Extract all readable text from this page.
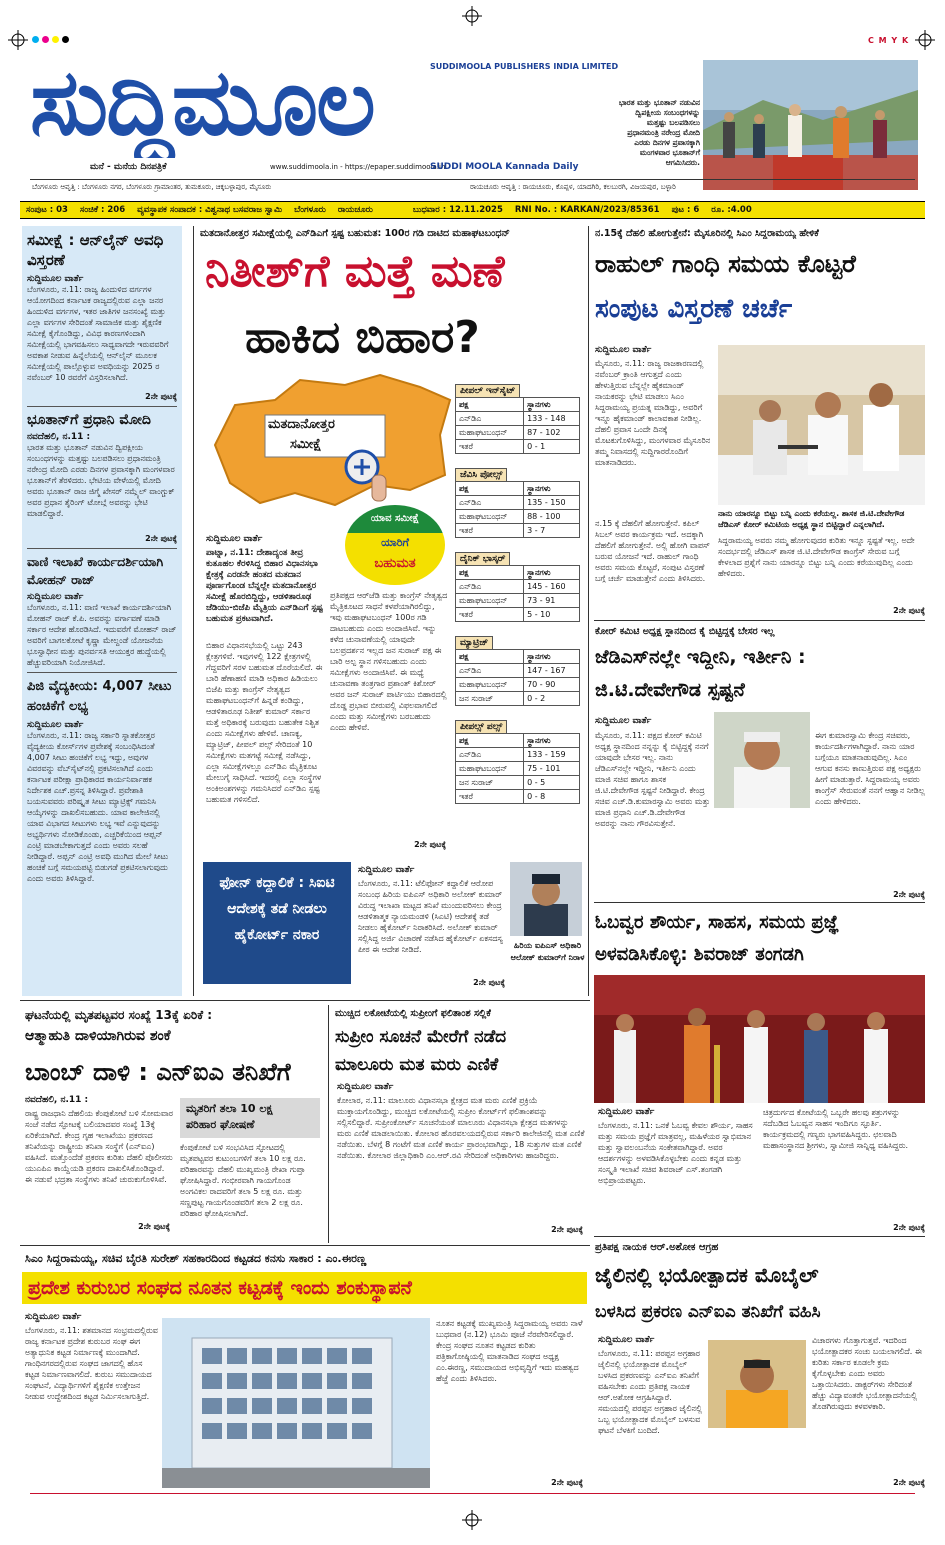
C M Y K
ಸುದ್ದಿಮೂಲ	SUDDIMOOLA PUBLISHERS INDIA LIMITED
ಮನೆ - ಮನೆಯ ದಿನಪತ್ರಿಕೆ	www.suddimoola.in - https://epaper.suddimoola.in
SUDDI MOOLA Kannada Daily
ಭಾರತ ಮತ್ತು ಭೂತಾನ್ ನಡುವಿನ ದ್ವಿಪಕ್ಷೀಯ ಸಂಬಂಧಗಳನ್ನು ಮತ್ತಷ್ಟು ಬಲಪಡಿಸಲು ಪ್ರಧಾನಮಂತ್ರಿ ನರೇಂದ್ರ ಮೋದಿ ಎರಡು ದಿನಗಳ ಪ್ರವಾಸಕ್ಕಾಗಿ ಮಂಗಳವಾರ ಭೂತಾನ್‌ಗೆ ಆಗಮಿಸಿದರು.
ಬೆಂಗಳೂರು ಆವೃತ್ತಿ : ಬೆಂಗಳೂರು ನಗರ, ಬೆಂಗಳೂರು ಗ್ರಾಮಾಂತರ, ತುಮಕೂರು, ಚಿಕ್ಕಬಳ್ಳಾಪುರ, ಮೈಸೂರು	ರಾಯಚೂರು ಆವೃತ್ತಿ : ರಾಯಚೂರು, ಕೊಪ್ಪಳ, ಯಾದಗಿರಿ, ಕಲಬುರಗಿ, ವಿಜಯಪುರ, ಬಳ್ಳಾರಿ
ಸಂಪುಟ : 03 ಸಂಚಿಕೆ : 206 ವ್ಯವಸ್ಥಾಪಕ ಸಂಪಾದಕ : ವಿಶ್ವನಾಥ ಬಸವರಾಜ ಸ್ವಾಮಿ ಬೆಂಗಳೂರು ರಾಯಚೂರು	ಬುಧವಾರ : 12.11.2025 RNI No. : KARKAN/2023/85361 ಪುಟ : 6 ರೂ. :4.00
ಸಮೀಕ್ಷೆ : ಆನ್‌ಲೈನ್ ಅವಧಿ ವಿಸ್ತರಣೆ
ಸುದ್ದಿಮೂಲ ವಾರ್ತೆ
ಬೆಂಗಳೂರು, ನ.11: ರಾಜ್ಯ ಹಿಂದುಳಿದ ವರ್ಗಗಳ ಆಯೋಗದಿಂದ ಕರ್ನಾಟಕ ರಾಜ್ಯದಲ್ಲಿರುವ ಎಲ್ಲಾ ಜನರ ಹಿಂದುಳಿದ ವರ್ಗಗಳ, ಇತರ ಜಾತಿಗಳ ಜನಸಂಖ್ಯೆ ಮತ್ತು ಎಲ್ಲಾ ವರ್ಗಗಳ ಸೇರಿದಂತೆ ಸಾಮಾಜಿಕ ಮತ್ತು ಶೈಕ್ಷಣಿಕ ಸಮೀಕ್ಷೆ ಕೈಗೊಂಡಿದ್ದು, ವಿವಿಧ ಕಾರಣಗಳಿಂದಾಗಿ ಸಮೀಕ್ಷೆಯಲ್ಲಿ ಭಾಗವಹಿಸಲು ಸಾಧ್ಯವಾಗದೇ ಇರುವವರಿಗೆ ಅವಕಾಶ ನೀಡುವ ಹಿನ್ನೆಲೆಯಲ್ಲಿ ಆನ್‌ಲೈನ್ ಮೂಲಕ ಸಮೀಕ್ಷೆಯಲ್ಲಿ ಪಾಲ್ಗೊಳ್ಳುವ ಅವಧಿಯನ್ನು 2025 ರ ನವೆಂಬರ್ 10 ರವರೆಗೆ ವಿಸ್ತರಿಸಲಾಗಿದೆ.
2ನೇ ಪುಟಕ್ಕೆ
ಭೂತಾನ್‌ಗೆ ಪ್ರಧಾನಿ ಮೋದಿ
ನವದೆಹಲಿ, ನ.11 :
ಭಾರತ ಮತ್ತು ಭೂತಾನ್ ನಡುವಿನ ದ್ವಿಪಕ್ಷೀಯ ಸಂಬಂಧಗಳನ್ನು ಮತ್ತಷ್ಟು ಬಲಪಡಿಸಲು ಪ್ರಧಾನಮಂತ್ರಿ ನರೇಂದ್ರ ಮೋದಿ ಎರಡು ದಿನಗಳ ಪ್ರವಾಸಕ್ಕಾಗಿ ಮಂಗಳವಾರ ಭೂತಾನ್‌ಗೆ ತೆರಳಿದರು. ಭೇಟಿಯ ವೇಳೆಯಲ್ಲಿ ಮೋದಿ ಅವರು ಭೂತಾನ್ ರಾಜ ಜಿಗ್ಮೆ ಖೇಸರ್ ನಮ್ಗ್ಯೆಲ್ ವಾಂಗ್ಚುಕ್ ಅವರ ಪ್ರಧಾನ ತ್ಶೆರಿಂಗ್ ಟೋಬ್ಗೆ ಅವರನ್ನು ಭೇಟಿ ಮಾಡಲಿದ್ದಾರೆ.
2ನೇ ಪುಟಕ್ಕೆ
ವಾಣಿ ಇಲಾಖೆ ಕಾರ್ಯದರ್ಶಿಯಾಗಿ ಮೋಹನ್ ರಾಜ್
ಸುದ್ದಿಮೂಲ ವಾರ್ತೆ
ಬೆಂಗಳೂರು, ನ.11: ವಾಣಿ ಇಲಾಖೆ ಕಾರ್ಯದರ್ಶಿಯಾಗಿ ಮೋಹನ್ ರಾಜ್ ಕೆ.ಪಿ. ಅವರನ್ನು ವರ್ಗಾವಣೆ ಮಾಡಿ ಸರ್ಕಾರ ಆದೇಶ ಹೊರಡಿಸಿದೆ. ಇದುವರೆಗೆ ಮೋಹನ್ ರಾಜ್ ಅವರಿಗೆ ಬಾಗಲಕೋಟೆ ಕೃಷ್ಣಾ ಮೇಲ್ದಂಡೆ ಯೋಜನೆಯ ಭೂಸ್ವಾಧೀನ ಮತ್ತು ಪುನರ್ವಸತಿ ಆಯುಕ್ತರ ಹುದ್ದೆಯಲ್ಲಿ ಹೆಚ್ಚುವರಿಯಾಗಿ ನಿಯೋಜಿಸಿದೆ.
ಪಿಜಿ ವೈದ್ಯಕೀಯ: 4,007 ಸೀಟು ಹಂಚಿಕೆಗೆ ಲಭ್ಯ
ಸುದ್ದಿಮೂಲ ವಾರ್ತೆ
ಬೆಂಗಳೂರು, ನ.11: ರಾಜ್ಯ ಸರ್ಕಾರಿ ಸ್ನಾತಕೋತ್ತರ ವೈದ್ಯಕೀಯ ಕೋರ್ಸ್‌ಗಳ ಪ್ರವೇಶಕ್ಕೆ ಸಂಬಂಧಿಸಿದಂತೆ 4,007 ಸೀಟು ಹಂಚಿಕೆಗೆ ಲಭ್ಯ ಇದ್ದು, ಅವುಗಳ ವಿವರವನ್ನು ವೆಬ್‌ಸೈಟ್‌ನಲ್ಲಿ ಪ್ರಕಟಿಸಲಾಗಿದೆ ಎಂದು ಕರ್ನಾಟಕ ಪರೀಕ್ಷಾ ಪ್ರಾಧಿಕಾರದ ಕಾರ್ಯನಿರ್ವಾಹಕ ನಿರ್ದೇಶಕ ಎಚ್.ಪ್ರಸನ್ನ ತಿಳಿಸಿದ್ದಾರೆ. ಪ್ರವೇಶಾತಿ ಬಯಸುವವರು ಪರಿಷ್ಕೃತ ಸೀಟು ಮ್ಯಾಟ್ರಿಕ್ಸ್ ಗಮನಿಸಿ ಆಯ್ಕೆಗಳನ್ನು ದಾಖಲಿಸಬಹುದು. ಯಾವ ಕಾಲೇಜಿನಲ್ಲಿ ಯಾವ ವಿಭಾಗದ ಸೀಟುಗಳು ಲಭ್ಯ ಇವೆ ಎನ್ನುವುದನ್ನು ಅಭ್ಯರ್ಥಿಗಳು ನೋಡಿಕೊಂಡು, ಎಚ್ಚರಿಕೆಯಿಂದ ಆಪ್ಷನ್ ಎಂಟ್ರಿ ಮಾಡಬೇಕಾಗುತ್ತದೆ ಎಂದು ಅವರು ಸಲಹೆ ನೀಡಿದ್ದಾರೆ. ಅಪ್ಷನ್ ಎಂಟ್ರಿ ಅವಧಿ ಮುಗಿದ ಮೇಲೆ ಸೀಟು ಹಂಚಿಕೆ ಬಗ್ಗೆ ಸಮಯಪಟ್ಟಿ ಬಿಡುಗಡೆ ಪ್ರಕಟಿಸಲಾಗುವುದು ಎಂದು ಅವರು ತಿಳಿಸಿದ್ದಾರೆ.
ಮತದಾನೋತ್ತರ ಸಮೀಕ್ಷೆಯಲ್ಲಿ ಎನ್‌ಡಿಎಗೆ ಸ್ಪಷ್ಟ ಬಹುಮತ: 100ರ ಗಡಿ ದಾಟಿದ ಮಹಾಘಟಬಂಧನ್
ನಿತೀಶ್‌ಗೆ ಮತ್ತೆ ಮಣೆ
ಹಾಕಿದ ಬಿಹಾರ?
ಮತದಾನೋತ್ತರ
ಸಮೀಕ್ಷೆ
ಯಾವ ಸಮೀಕ್ಷೆ
ಯಾರಿಗೆ
ಬಹುಮತ
ಸುದ್ದಿಮೂಲ ವಾರ್ತೆ
ಪಾಟ್ನಾ, ನ.11: ದೇಶಾದ್ಯಂತ ತೀವ್ರ ಕುತೂಹಲ ಕೆರಳಿಸಿದ್ದ ಬಿಹಾರ ವಿಧಾನಸಭಾ ಕ್ಷೇತ್ರಕ್ಕೆ ಎರಡನೇ ಹಂತದ ಮತದಾನ ಪೂರ್ಣಗೊಂಡ ಬೆನ್ನಲ್ಲೇ ಮತದಾನೋತ್ತರ ಸಮೀಕ್ಷೆ ಹೊರಬಿದ್ದಿದ್ದು, ಆಡಳಿತಾರೂಢ ಜೆಡಿಯು-ಬಿಜೆಪಿ ಮೈತ್ರಿಯ ಎನ್‌ಡಿಎಗೆ ಸ್ಪಷ್ಟ ಬಹುಮತ ಪ್ರಕಟವಾಗಿದೆ.
ಬಿಹಾರ ವಿಧಾನಸಭೆಯಲ್ಲಿ ಒಟ್ಟು 243 ಕ್ಷೇತ್ರಗಳಿವೆ. ಇವುಗಳಲ್ಲಿ 122 ಕ್ಷೇತ್ರಗಳಲ್ಲಿ ಗೆದ್ದವರಿಗೆ ಸರಳ ಬಹುಮತ ದೊರೆಯಲಿದೆ. ಈ ಬಾರಿ ಹೆಣಾಹಣಿ ಮಾಡಿ ಅಧಿಕಾರ ಹಿಡಿಯಲು ಬಿಜೆಪಿ ಮತ್ತು ಕಾಂಗ್ರೆಸ್ ನೇತೃತ್ವದ ಮಹಾಘಟಬಂಧನ್‌ಗೆ ಹಿನ್ನಡೆ ಕಂಡಿದ್ದು, ಆಡಳಿತಾರೂಢ ನಿತೀಶ್ ಕುಮಾರ್ ಸರ್ಕಾರ ಮತ್ತೆ ಅಧಿಕಾರಕ್ಕೆ ಬರುವುದು ಬಹುತೇಕ ನಿಶ್ಚಿತ ಎಂದು ಸಮೀಕ್ಷೆಗಳು ಹೇಳಿವೆ. ಚಾಣಕ್ಯ, ಮ್ಯಾಟ್ರಿಜ್, ಪೀಪಲ್ ಪಲ್ಸ್ ಸೇರಿದಂತೆ 10 ಸಮೀಕ್ಷೆಗಳು ಮತಗಟ್ಟೆ ಸಮೀಕ್ಷೆ ನಡೆಸಿದ್ದು, ಎಲ್ಲಾ ಸಮೀಕ್ಷೆಗಳಲ್ಲೂ ಎನ್‌ಡಿಎ ಮೈತ್ರಿಕೂಟ ಮೇಲುಗೈ ಸಾಧಿಸಿದೆ. ಇದರಲ್ಲಿ ಎಲ್ಲಾ ಸಂಸ್ಥೆಗಳ ಅಂಕಿಅಂಶಗಳನ್ನು ಗಮನಿಸಿದರೆ ಎನ್‌ಡಿಎ ಸ್ಪಷ್ಟ ಬಹುಮತ ಗಳಿಸಲಿದೆ.
ಪ್ರತಿಪಕ್ಷದ ಆರ್‌ಜೆಡಿ ಮತ್ತು ಕಾಂಗ್ರೆಸ್ ನೇತೃತ್ವದ ಮೈತ್ರಿಕೂಟದ ಸಾಧನೆ ಕಳಪೆಯಾಗಿರಲಿದ್ದು, ಇವು ಮಹಾಘಟಬಂಧನ್ 100ರ ಗಡಿ ದಾಟಬಹುದು ಎಂದು ಅಂದಾಜಿಸಿವೆ. ಇನ್ನು ಕಳೆದ ಚುನಾವಣೆಯಲ್ಲಿ ಯಾವುದೇ ಬಲಪ್ರದರ್ಶನ ಇಲ್ಲದ ಜನ ಸುರಾಜ್ ಪಕ್ಷ ಈ ಬಾರಿ ಅಲ್ಪ ಸ್ಥಾನ ಗಳಿಸಬಹುದು ಎಂದು ಸಮೀಕ್ಷೆಗಳು ಅಂದಾಜಿಸಿವೆ. ಈ ಮಧ್ಯೆ ಚುನಾವಣಾ ತಂತ್ರಗಾರ ಪ್ರಶಾಂತ್ ಕಿಶೋರ್ ಅವರ ಜನ್ ಸುರಾಜ್ ಪಾರ್ಟಿಯು ಬಿಹಾರದಲ್ಲಿ ದೊಡ್ಡ ಪ್ರಭಾವ ಬೀರುವಲ್ಲಿ ವಿಫಲವಾಗಲಿದೆ ಎಂದು ಮತ್ತು ಸಮೀಕ್ಷೆಗಳು ಬರಬಹುದು ಎಂದು ಹೇಳಿವೆ.
2ನೇ ಪುಟಕ್ಕೆ
ಪೀಪಲ್ ಇನ್‌ಸೈಟ್
ಪಕ್ಷ	ಸ್ಥಾನಗಳು
ಎನ್‌ಡಿಎ	133 - 148
ಮಹಾಘಟಬಂಧನ್	87 - 102
ಇತರೆ	0 - 1
ಜೆವಿಸಿ ಪೋಲ್ಸ್
ಪಕ್ಷ	ಸ್ಥಾನಗಳು
ಎನ್‌ಡಿಎ	135 - 150
ಮಹಾಘಟಬಂಧನ್	88 - 100
ಇತರೆ	3 - 7
ದೈನಿಕ್ ಭಾಸ್ಕರ್
ಪಕ್ಷ	ಸ್ಥಾನಗಳು
ಎನ್‌ಡಿಎ	145 - 160
ಮಹಾಘಟಬಂಧನ್	73 - 91
ಇತರೆ	5 - 10
ಮ್ಯಾಟ್ರಿಜ್
ಪಕ್ಷ	ಸ್ಥಾನಗಳು
ಎನ್‌ಡಿಎ	147 - 167
ಮಹಾಘಟಬಂಧನ್	70 - 90
ಜನ ಸುರಾಜ್	0 - 2
ಪೀಪಲ್ಸ್ ಪಲ್ಸ್
ಪಕ್ಷ	ಸ್ಥಾನಗಳು
ಎನ್‌ಡಿಎ	133 - 159
ಮಹಾಘಟಬಂಧನ್	75 - 101
ಜನ ಸುರಾಜ್	0 - 5
ಇತರೆ	0 - 8
ಫೋನ್ ಕದ್ದಾಲಿಕೆ : ಸಿಐಟಿ ಆದೇಶಕ್ಕೆ ತಡೆ ನೀಡಲು ಹೈಕೋರ್ಟ್ ನಕಾರ
ಸುದ್ದಿಮೂಲ ವಾರ್ತೆ
ಬೆಂಗಳೂರು, ನ.11: ಟೆಲಿಫೋನ್ ಕದ್ದಾಲಿಕೆ ಆರೋಪ ಸಂಬಂಧ ಹಿರಿಯ ಐಪಿಎಸ್ ಅಧಿಕಾರಿ ಅಲೋಕ್ ಕುಮಾರ್ ವಿರುದ್ಧ ಇಲಾಖಾ ಮಟ್ಟದ ತನಿಖೆ ಮುಂದುವರಿಸಲು ಕೇಂದ್ರ ಆಡಳಿತಾತ್ಮಕ ನ್ಯಾಯಮಂಡಳಿ (ಸಿಎಟಿ) ಆದೇಶಕ್ಕೆ ತಡೆ ನೀಡಲು ಹೈಕೋರ್ಟ್ ನಿರಾಕರಿಸಿದೆ. ಅಲೋಕ್ ಕುಮಾರ್ ಸಲ್ಲಿಸಿದ್ದ ಅರ್ಜಿ ವಿಚಾರಣೆ ನಡೆಸಿದ ಹೈಕೋರ್ಟ್ ಏಕಸದಸ್ಯ ಪೀಠ ಈ ಆದೇಶ ನೀಡಿದೆ.
2ನೇ ಪುಟಕ್ಕೆ
ಹಿರಿಯ ಐಪಿಎಸ್ ಅಧಿಕಾರಿ ಆಲೋಕ್ ಕುಮಾರ್‌ಗೆ ನಿರಾಳ
ನ.15ಕ್ಕೆ ದೆಹಲಿ ಹೋಗುತ್ತೇನೆ: ಮೈಸೂರಿನಲ್ಲಿ ಸಿಎಂ ಸಿದ್ದರಾಮಯ್ಯ ಹೇಳಿಕೆ
ರಾಹುಲ್ ಗಾಂಧಿ ಸಮಯ ಕೊಟ್ಟರೆ
ಸಂಪುಟ ವಿಸ್ತರಣೆ ಚರ್ಚೆ
ಸುದ್ದಿಮೂಲ ವಾರ್ತೆ
ಮೈಸೂರು, ನ.11: ರಾಜ್ಯ ರಾಜಕಾರಣದಲ್ಲಿ ನವೆಂಬರ್ ಕ್ರಾಂತಿ ಆಗುತ್ತದೆ ಎಂದು ಹೇಳುತ್ತಿರುವ ಬೆನ್ನಲ್ಲೇ ಹೈಕಮಾಂಡ್ ನಾಯಕರನ್ನು ಭೇಟಿ ಮಾಡಲು ಸಿಎಂ ಸಿದ್ದರಾಮಯ್ಯ ಪ್ರಯತ್ನ ಮಾಡಿದ್ದು, ಅವರಿಗೆ ಇನ್ನೂ ಹೈಕಮಾಂಡ್ ಕಾಲಾವಕಾಶ ನೀಡಿಲ್ಲ. ದೆಹಲಿ ಪ್ರವಾಸ ಒಂದೇ ದಿನಕ್ಕೆ ಮೊಟಕುಗೊಳಿಸಿದ್ದು, ಮಂಗಳವಾರ ಮೈಸೂರಿನ ತಮ್ಮ ನಿವಾಸದಲ್ಲಿ ಸುದ್ದಿಗಾರರೊಂದಿಗೆ ಮಾತನಾಡಿದರು.
ನಾನು ಯಾರನ್ನೂ ಬಿಟ್ಟು ಬನ್ನಿ ಎಂದು ಕರೆಯಲ್ಲ. ಶಾಸಕ ಜಿ.ಟಿ.ದೇವೇಗೌಡ ಜೆಡಿಎಸ್ ಕೋರ್ ಕಮಿಟಿಯ ಅಧ್ಯಕ್ಷ ಸ್ಥಾನ ಬಿಟ್ಟಿದ್ದಾರೆ ಎನ್ನಲಾಗಿದೆ.
ನ.15 ಕ್ಕೆ ದೆಹಲಿಗೆ ಹೋಗುತ್ತೇನೆ. ಕಪಿಲ್ ಸಿಬಲ್ ಅವರ ಕಾರ್ಯಕ್ರಮ ಇದೆ. ಅದಕ್ಕಾಗಿ ದೆಹಲಿಗೆ ಹೋಗುತ್ತೇನೆ. ಅಲ್ಲಿ ಹೋಗಿ ವಾಪಸ್ ಬರುವ ಯೋಜನೆ ಇದೆ. ರಾಹುಲ್ ಗಾಂಧಿ ಅವರು ಸಮಯ ಕೊಟ್ಟರೆ, ಸಂಪುಟ ವಿಸ್ತರಣೆ ಬಗ್ಗೆ ಚರ್ಚೆ ಮಾಡುತ್ತೇನೆ ಎಂದು ತಿಳಿಸಿದರು.
ಸಿದ್ದರಾಮಯ್ಯ ಅವರು ನಮ್ಮ ಹೋಗುವುದರ ಕುರಿತು ಇನ್ನೂ ಸ್ಪಷ್ಟತೆ ಇಲ್ಲ. ಅದೇ ಸಂದರ್ಭದಲ್ಲಿ ಜೆಡಿಎಸ್ ಶಾಸಕ ಜಿ.ಟಿ.ದೇವೇಗೌಡ ಕಾಂಗ್ರೆಸ್ ಸೇರುವ ಬಗ್ಗೆ ಕೇಳಲಾದ ಪ್ರಶ್ನೆಗೆ ನಾನು ಯಾರನ್ನೂ ಬಿಟ್ಟು ಬನ್ನಿ ಎಂದು ಕರೆಯುವುದಿಲ್ಲ ಎಂದು ಹೇಳಿದರು.
2ನೇ ಪುಟಕ್ಕೆ
ಕೋರ್ ಕಮಿಟಿ ಅಧ್ಯಕ್ಷ ಸ್ಥಾನದಿಂದ ಕೈ ಬಿಟ್ಟಿದ್ದಕ್ಕೆ ಬೇಸರ ಇಲ್ಲ
ಜೆಡಿಎಸ್‌ನಲ್ಲೇ ಇದ್ದೀನಿ, ಇರ್ತೀನಿ :
ಜಿ.ಟಿ.ದೇವೇಗೌಡ ಸ್ಪಷ್ಟನೆ
ಸುದ್ದಿಮೂಲ ವಾರ್ತೆ
ಮೈಸೂರು, ನ.11: ಪಕ್ಷದ ಕೋರ್ ಕಮಿಟಿ ಅಧ್ಯಕ್ಷ ಸ್ಥಾನದಿಂದ ನನ್ನನ್ನು ಕೈ ಬಿಟ್ಟಿದ್ದಕ್ಕೆ ನನಗೆ ಯಾವುದೇ ಬೇಸರ ಇಲ್ಲ. ನಾನು ಜೆಡಿಎಸ್‌ನಲ್ಲೇ ಇದ್ದೀನಿ, ಇರ್ತೀನಿ ಎಂದು ಮಾಜಿ ಸಚಿವ ಹಾಗೂ ಶಾಸಕ ಜಿ.ಟಿ.ದೇವೇಗೌಡ ಸ್ಪಷ್ಟನೆ ನೀಡಿದ್ದಾರೆ. ಕೇಂದ್ರ ಸಚಿವ ಎಚ್.ಡಿ.ಕುಮಾರಸ್ವಾಮಿ ಅವರು ಮತ್ತು ಮಾಜಿ ಪ್ರಧಾನಿ ಎಚ್.ಡಿ.ದೇವೇಗೌಡ ಅವರನ್ನು ನಾನು ಗೌರವಿಸುತ್ತೇನೆ.
ಈಗ ಕುಮಾರಸ್ವಾಮಿ ಕೇಂದ್ರ ಸಚಿವರು, ಕಾರ್ಯದರ್ಶಿಗಳಾಗಿದ್ದಾರೆ. ನಾನು ಯಾರ ಬಗ್ಗೆಯೂ ಮಾತನಾಡುವುದಿಲ್ಲ. ಸಿಎಂ ಆಗುವ ಕನಸು ಕಾಣುತ್ತಿರುವ ಪಕ್ಷ ಅಧ್ಯಕ್ಷರು ಹೀಗೆ ಮಾಡುತ್ತಾರೆ. ಸಿದ್ದರಾಮಯ್ಯ ಅವರು ಕಾಂಗ್ರೆಸ್ ಸೇರುವಂತೆ ನನಗೆ ಆಹ್ವಾನ ನೀಡಿಲ್ಲ ಎಂದು ಹೇಳಿದರು.
2ನೇ ಪುಟಕ್ಕೆ
ಓಬವ್ವರ ಶೌರ್ಯ, ಸಾಹಸ, ಸಮಯ ಪ್ರಜ್ಞೆ
ಅಳವಡಿಸಿಕೊಳ್ಳಿ: ಶಿವರಾಜ್ ತಂಗಡಗಿ
ಸುದ್ದಿಮೂಲ ವಾರ್ತೆ
ಬೆಂಗಳೂರು, ನ.11: ಒನಕೆ ಓಬವ್ವ ಕೇವಲ ಶೌರ್ಯ, ಸಾಹಸ ಮತ್ತು ಸಮಯ ಪ್ರಜ್ಞೆಗೆ ಮಾತ್ರವಲ್ಲ, ಮಹಿಳೆಯರ ಸ್ವಾಭಿಮಾನ ಮತ್ತು ಸ್ವಾವಲಂಬನೆಯ ಸಂಕೇತವಾಗಿದ್ದಾರೆ. ಅವರ ಆದರ್ಶಗಳನ್ನು ಅಳವಡಿಸಿಕೊಳ್ಳಬೇಕು ಎಂದು ಕನ್ನಡ ಮತ್ತು ಸಂಸ್ಕೃತಿ ಇಲಾಖೆ ಸಚಿವ ಶಿವರಾಜ್ ಎಸ್.ತಂಗಡಗಿ ಅಭಿಪ್ರಾಯಪಟ್ಟರು.
ಚಿತ್ರದುರ್ಗದ ಕೋಟೆಯಲ್ಲಿ ಒಬ್ಬರೇ ಹಲವು ಶತ್ರುಗಳನ್ನು ಸದೆಬಡಿದ ಓಬವ್ವನ ಸಾಹಸ ಇಂದಿಗೂ ಸ್ಫೂರ್ತಿ. ಕಾರ್ಯಕ್ರಮದಲ್ಲಿ ಗಣ್ಯರು ಭಾಗವಹಿಸಿದ್ದರು. ಛಲವಾದಿ ಮಹಾಸಂಸ್ಥಾನದ ಶ್ರೀಗಳು, ಸ್ವಾಮೀಜಿ ಸಾನ್ನಿಧ್ಯ ವಹಿಸಿದ್ದರು.
2ನೇ ಪುಟಕ್ಕೆ
ಘಟನೆಯಲ್ಲಿ ಮೃತಪಟ್ಟವರ ಸಂಖ್ಯೆ 13ಕ್ಕೆ ಏರಿಕೆ :
ಆತ್ಮಾಹುತಿ ದಾಳಿಯಾಗಿರುವ ಶಂಕೆ
ಬಾಂಬ್ ದಾಳಿ : ಎನ್‌ಐಎ ತನಿಖೆಗೆ
ನವದೆಹಲಿ, ನ.11 :
ರಾಷ್ಟ್ರ ರಾಜಧಾನಿ ದೆಹಲಿಯ ಕೆಂಪುಕೋಟೆ ಬಳಿ ಸೋಮವಾರ ಸಂಜೆ ನಡೆದ ಸ್ಫೋಟಕ್ಕೆ ಬಲಿಯಾದವರ ಸಂಖ್ಯೆ 13ಕ್ಕೆ ಏರಿಕೆಯಾಗಿದೆ. ಕೇಂದ್ರ ಗೃಹ ಇಲಾಖೆಯು ಪ್ರಕರಣದ ತನಿಖೆಯನ್ನು ರಾಷ್ಟ್ರೀಯ ತನಿಖಾ ಸಂಸ್ಥೆಗೆ (ಎನ್‌ಐಎ) ವಹಿಸಿದೆ. ಮತ್ತೊಂದೆಡೆ ಪ್ರಕರಣ ಕುರಿತು ದೆಹಲಿ ಪೊಲೀಸರು ಯುಎಪಿಎ ಕಾಯ್ದೆಯಡಿ ಪ್ರಕರಣ ದಾಖಲಿಸಿಕೊಂಡಿದ್ದಾರೆ. ಈ ನಡುವೆ ಭದ್ರತಾ ಸಂಸ್ಥೆಗಳು ತನಿಖೆ ಚುರುಕುಗೊಳಿಸಿವೆ.
ಮೃತರಿಗೆ ತಲಾ 10 ಲಕ್ಷ
ಪರಿಹಾರ ಘೋಷಣೆ
ಕೆಂಪುಕೋಟೆ ಬಳಿ ಸಂಭವಿಸಿದ ಸ್ಫೋಟದಲ್ಲಿ ಮೃತಪಟ್ಟವರ ಕುಟುಂಬಗಳಿಗೆ ತಲಾ 10 ಲಕ್ಷ ರೂ. ಪರಿಹಾರವನ್ನು ದೆಹಲಿ ಮುಖ್ಯಮಂತ್ರಿ ರೇಖಾ ಗುಪ್ತಾ ಘೋಷಿಸಿದ್ದಾರೆ. ಗಂಭೀರವಾಗಿ ಗಾಯಗೊಂಡ ಅಂಗವಿಕಲ ರಾದವರಿಗೆ ತಲಾ 5 ಲಕ್ಷ ರೂ. ಮತ್ತು ಸಣ್ಣಪುಟ್ಟ ಗಾಯಗೊಂಡವರಿಗೆ ತಲಾ 2 ಲಕ್ಷ ರೂ. ಪರಿಹಾರ ಘೋಷಿಸಲಾಗಿದೆ.
2ನೇ ಪುಟಕ್ಕೆ
ಮುಚ್ಚಿದ ಲಕೋಟೆಯಲ್ಲಿ ಸುಪ್ರೀಂಗೆ ಫಲಿತಾಂಶ ಸಲ್ಲಿಕೆ
ಸುಪ್ರೀಂ ಸೂಚನೆ ಮೇರೆಗೆ ನಡೆದ
ಮಾಲೂರು ಮತ ಮರು ಎಣಿಕೆ
ಸುದ್ದಿಮೂಲ ವಾರ್ತೆ
ಕೋಲಾರ, ನ.11: ಮಾಲೂರು ವಿಧಾನಸಭಾ ಕ್ಷೇತ್ರದ ಮತ ಮರು ಎಣಿಕೆ ಪ್ರಕ್ರಿಯೆ ಮುಕ್ತಾಯಗೊಂಡಿದ್ದು, ಮುಚ್ಚಿದ ಲಕೋಟೆಯಲ್ಲಿ ಸುಪ್ರೀಂ ಕೋರ್ಟ್‌ಗೆ ಫಲಿತಾಂಶವನ್ನು ಸಲ್ಲಿಸಲಿದ್ದಾರೆ. ಸುಪ್ರೀಂಕೋರ್ಟ್ ಸೂಚನೆಯಂತೆ ಮಾಲೂರು ವಿಧಾನಸಭಾ ಕ್ಷೇತ್ರದ ಮತಗಳನ್ನು ಮರು ಎಣಿಕೆ ಮಾಡಲಾಯಿತು. ಕೋಲಾರ ಹೊರವಲಯದಲ್ಲಿರುವ ಸರ್ಕಾರಿ ಕಾಲೇಜಿನಲ್ಲಿ ಮತ ಎಣಿಕೆ ನಡೆಯಿತು. ಬೆಳಗ್ಗೆ 8 ಗಂಟೆಗೆ ಮತ ಎಣಿಕೆ ಕಾರ್ಯ ಪ್ರಾರಂಭವಾಗಿದ್ದು, 18 ಸುತ್ತುಗಳ ಮತ ಎಣಿಕೆ ನಡೆಯಿತು. ಕೋಲಾರ ಜಿಲ್ಲಾಧಿಕಾರಿ ಎಂ.ಆರ್.ರವಿ ಸೇರಿದಂತೆ ಅಧಿಕಾರಿಗಳು ಹಾಜರಿದ್ದರು.
2ನೇ ಪುಟಕ್ಕೆ
ಸಿಎಂ ಸಿದ್ದರಾಮಯ್ಯ, ಸಚಿವ ಬೈರತಿ ಸುರೇಶ್ ಸಹಕಾರದಿಂದ ಕಟ್ಟಡದ ಕನಸು ಸಾಕಾರ : ಎಂ.ಈರಣ್ಣ
ಪ್ರದೇಶ ಕುರುಬರ ಸಂಘದ ನೂತನ ಕಟ್ಟಡಕ್ಕೆ ಇಂದು ಶಂಕುಸ್ಥಾಪನೆ
ಸುದ್ದಿಮೂಲ ವಾರ್ತೆ
ಬೆಂಗಳೂರು, ನ.11: ಶತಮಾನದ ಸಂಭ್ರಮದಲ್ಲಿರುವ ರಾಜ್ಯ ಕರ್ನಾಟಕ ಪ್ರದೇಶ ಕುರುಬರ ಸಂಘ ಈಗ ಅತ್ಯಾಧುನಿಕ ಕಟ್ಟಡ ನಿರ್ಮಾಣಕ್ಕೆ ಮುಂದಾಗಿದೆ. ಗಾಂಧಿನಗರದಲ್ಲಿರುವ ಸಂಘದ ಜಾಗದಲ್ಲಿ ಹೊಸ ಕಟ್ಟಡ ನಿರ್ಮಾಣವಾಗಲಿದೆ. ಕುರುಬ ಸಮುದಾಯದ ಸಂಘಟನೆ, ವಿದ್ಯಾರ್ಥಿಗಳಿಗೆ ಶೈಕ್ಷಣಿಕ ಉತ್ತೇಜನ ನೀಡುವ ಉದ್ದೇಶದಿಂದ ಕಟ್ಟಡ ನಿರ್ಮಿಸಲಾಗುತ್ತಿದೆ.
ನೂತನ ಕಟ್ಟಡಕ್ಕೆ ಮುಖ್ಯಮಂತ್ರಿ ಸಿದ್ದರಾಮಯ್ಯ ಅವರು ನಾಳೆ ಬುಧವಾರ (ನ.12) ಭೂಮಿ ಪೂಜೆ ನೆರವೇರಿಸಲಿದ್ದಾರೆ. ಕೇಂದ್ರ ಸಂಘದ ನೂತನ ಕಟ್ಟಡದ ಕುರಿತು ಪತ್ರಿಕಾಗೋಷ್ಠಿಯಲ್ಲಿ ಮಾತನಾಡಿದ ಸಂಘದ ಅಧ್ಯಕ್ಷ ಎಂ.ಈರಣ್ಣ, ಸಮುದಾಯದ ಅಭಿವೃದ್ಧಿಗೆ ಇದು ಮಹತ್ವದ ಹೆಜ್ಜೆ ಎಂದು ತಿಳಿಸಿದರು.
2ನೇ ಪುಟಕ್ಕೆ
ಪ್ರತಿಪಕ್ಷ ನಾಯಕ ಆರ್.ಅಶೋಕ ಆಗ್ರಹ
ಜೈಲಿನಲ್ಲಿ ಭಯೋತ್ಪಾದಕ ಮೊಬೈಲ್
ಬಳಸಿದ ಪ್ರಕರಣ ಎನ್‌ಐಎ ತನಿಖೆಗೆ ವಹಿಸಿ
ಸುದ್ದಿಮೂಲ ವಾರ್ತೆ
ಬೆಂಗಳೂರು, ನ.11: ಪರಪ್ಪನ ಅಗ್ರಹಾರ ಜೈಲಿನಲ್ಲಿ ಭಯೋತ್ಪಾದಕ ಮೊಬೈಲ್ ಬಳಸಿದ ಪ್ರಕರಣವನ್ನು ಎನ್‌ಐಎ ತನಿಖೆಗೆ ವಹಿಸಬೇಕು ಎಂದು ಪ್ರತಿಪಕ್ಷ ನಾಯಕ ಆರ್.ಅಶೋಕ ಆಗ್ರಹಿಸಿದ್ದಾರೆ. ಸಮಯದಲ್ಲಿ ಪರಪ್ಪನ ಅಗ್ರಹಾರ ಜೈಲಿನಲ್ಲಿ ಒಬ್ಬ ಭಯೋತ್ಪಾದಕ ಮೊಬೈಲ್ ಬಳಸುವ ಘಟನೆ ಬೆಳಕಿಗೆ ಬಂದಿದೆ.
ವಿಚಾರಗಳು ಗೊತ್ತಾಗುತ್ತವೆ. ಇದರಿಂದ ಭಯೋತ್ಪಾದಕರ ಸಂಚು ಬಯಲಾಗಲಿದೆ. ಈ ಕುರಿತು ಸರ್ಕಾರ ಕೂಡಲೇ ಕ್ರಮ ಕೈಗೊಳ್ಳಬೇಕು ಎಂದು ಅವರು ಒತ್ತಾಯಿಸಿದರು. ಡಾಕ್ಟರ್‌ಗಳು ಸೇರಿದಂತೆ ಹೆಚ್ಚು ವಿದ್ಯಾವಂತರೇ ಭಯೋತ್ಪಾದನೆಯಲ್ಲಿ ತೊಡಗಿರುವುದು ಕಳವಳಕಾರಿ.
2ನೇ ಪುಟಕ್ಕೆ
